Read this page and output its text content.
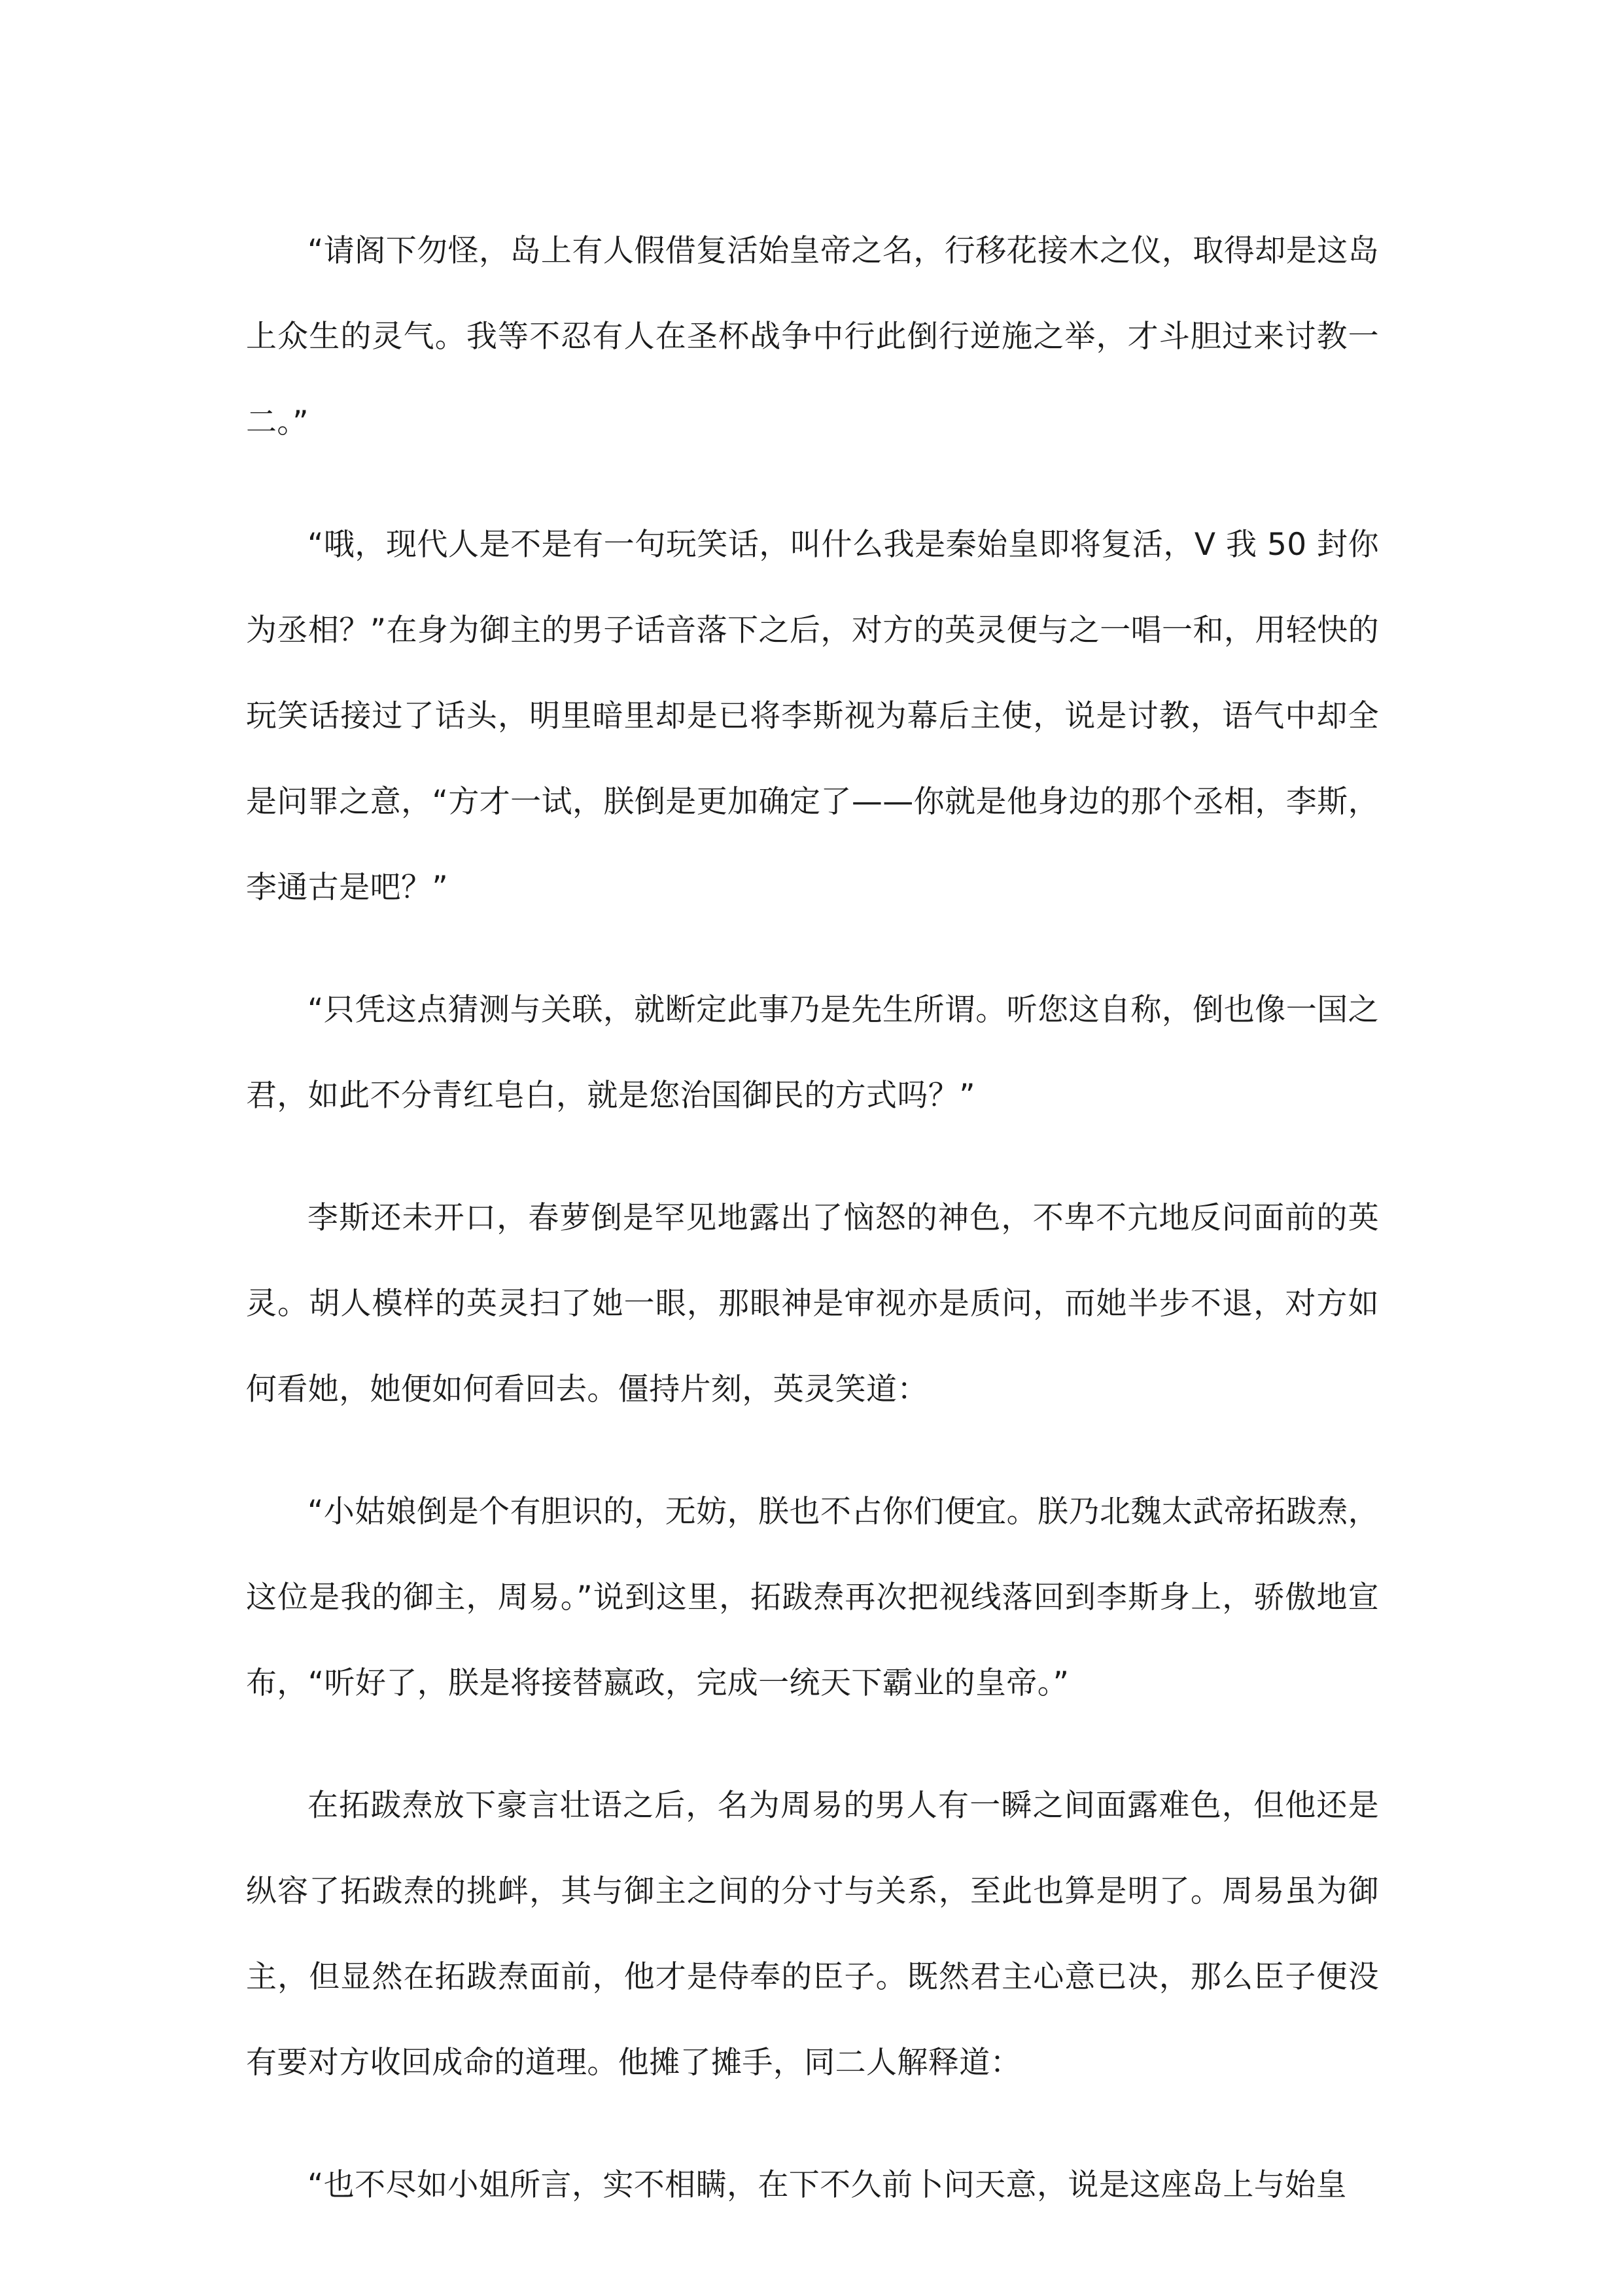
“请阁下勿怪，岛上有人假借复活始皇帝之名，行移花接木之仪，取得却是这岛上众生的灵气。我等不忍有人在圣杯战争中行此倒行逆施之举，才斗胆过来讨教一二。”

“哦，现代人是不是有一句玩笑话，叫什么我是秦始皇即将复活，V 我 50 封你为丞相？”在身为御主的男子话音落下之后，对方的英灵便与之一唱一和，用轻快的玩笑话接过了话头，明里暗里却是已将李斯视为幕后主使，说是讨教，语气中却全是问罪之意，“方才一试，朕倒是更加确定了——你就是他身边的那个丞相，李斯，李通古是吧？”

“只凭这点猜测与关联，就断定此事乃是先生所谓。听您这自称，倒也像一国之君，如此不分青红皂白，就是您治国御民的方式吗？”

李斯还未开口，春萝倒是罕见地露出了恼怒的神色，不卑不亢地反问面前的英灵。胡人模样的英灵扫了她一眼，那眼神是审视亦是质问，而她半步不退，对方如何看她，她便如何看回去。僵持片刻，英灵笑道：

“小姑娘倒是个有胆识的，无妨，朕也不占你们便宜。朕乃北魏太武帝拓跋焘，这位是我的御主，周易。”说到这里，拓跋焘再次把视线落回到李斯身上，骄傲地宣布，“听好了，朕是将接替嬴政，完成一统天下霸业的皇帝。”

在拓跋焘放下豪言壮语之后，名为周易的男人有一瞬之间面露难色，但他还是纵容了拓跋焘的挑衅，其与御主之间的分寸与关系，至此也算是明了。周易虽为御主，但显然在拓跋焘面前，他才是侍奉的臣子。既然君主心意已决，那么臣子便没有要对方收回成命的道理。他摊了摊手，同二人解释道：

“也不尽如小姐所言，实不相瞒，在下不久前卜问天意，说是这座岛上与始皇
